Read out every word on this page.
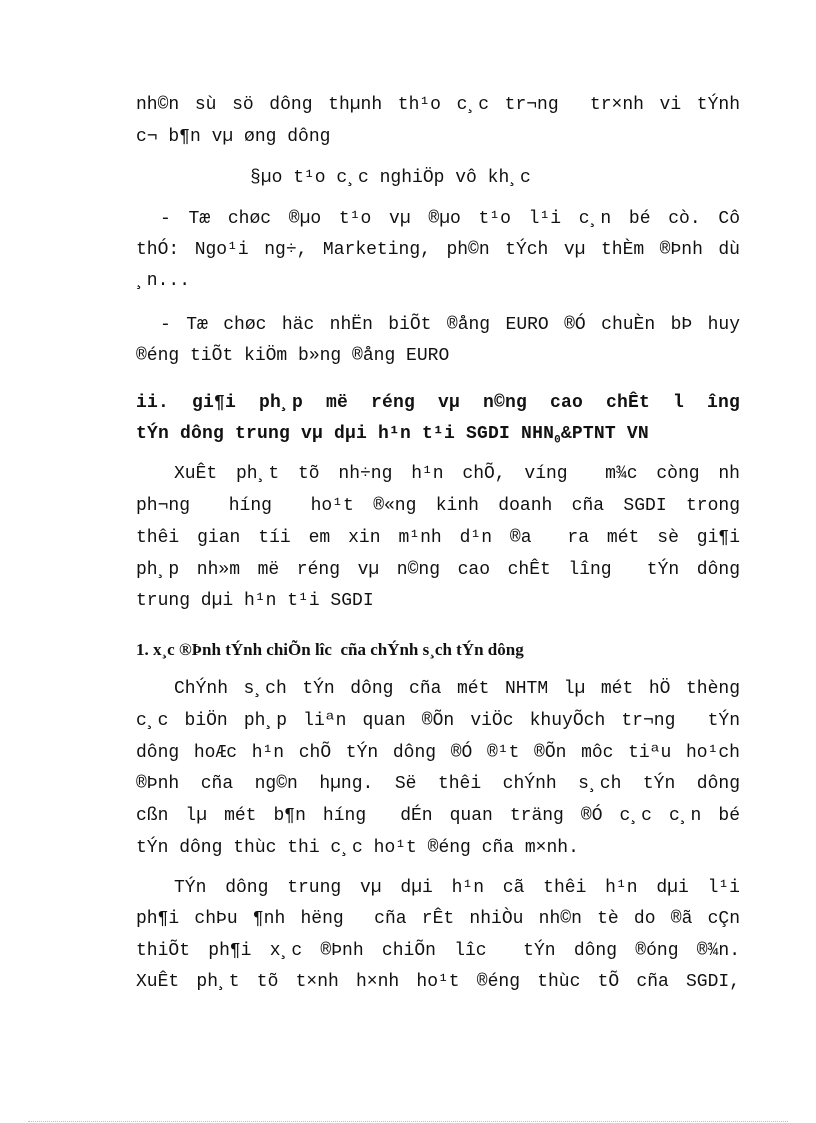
nh©n sù sö dông thµnh th¹o c¸c tr¬ng  tr×nh vi tÝnh

c¬ b¶n vµ øng dông

§µo t¹o c¸c nghiÖp vô kh¸c

- Tæ chøc ®µo t¹o vµ ®µo t¹o l¹i c¸n bé cò. Cô

thÓ: Ngo¹i ng÷, Marketing, ph©n tÝch vµ thÈm ®Þnh dù

¸n...

- Tæ chøc häc nhËn biÕt ®ång EURO ®Ó chuÈn bÞ huy

®éng tiÕt kiÖm b»ng ®ång EURO

ii. gi¶i ph¸p më réng vµ n©ng cao chÊt l îng

tÝn dông trung vµ dµi h¹n t¹i SGDI $NHN_0\&PTNT$ VN

XuÊt ph¸t tõ nh÷ng h¹n chÕ, víng  m¾c còng nh

ph¬ng  híng  ho¹t ®«ng kinh doanh cña SGDI trong

thêi gian tíi em xin m¹nh d¹n ®a  ra mét sè gi¶i

ph¸p nh»m më réng vµ n©ng cao chÊt lîng  tÝn dông

trung dµi h¹n t¹i SGDI

1. x¸c ®Þnh tÝnh chiÕn lîc  cña chÝnh s¸ch tÝn dông

ChÝnh s¸ch tÝn dông cña mét NHTM lµ mét hÖ thèng

c¸c biÖn ph¸p liªn quan ®Õn viÖc khuyÕch tr¬ng  tÝn

dông hoÆc h¹n chÕ tÝn dông ®Ó ®¹t ®Õn môc tiªu ho¹ch

®Þnh cña ng©n hµng. Së thêi chÝnh s¸ch tÝn dông

cßn lµ mét b¶n híng  dÉn quan träng ®Ó c¸c c¸n bé

tÝn dông thùc thi c¸c ho¹t ®éng cña m×nh.

TÝn dông trung vµ dµi h¹n cã thêi h¹n dµi l¹i

ph¶i chÞu ¶nh hëng  cña rÊt nhiÒu nh©n tè do ®ã cÇn

thiÕt ph¶i x¸c ®Þnh chiÕn lîc  tÝn dông ®óng ®¾n.

XuÊt ph¸t tõ t×nh h×nh ho¹t ®éng thùc tÕ cña SGDI,
